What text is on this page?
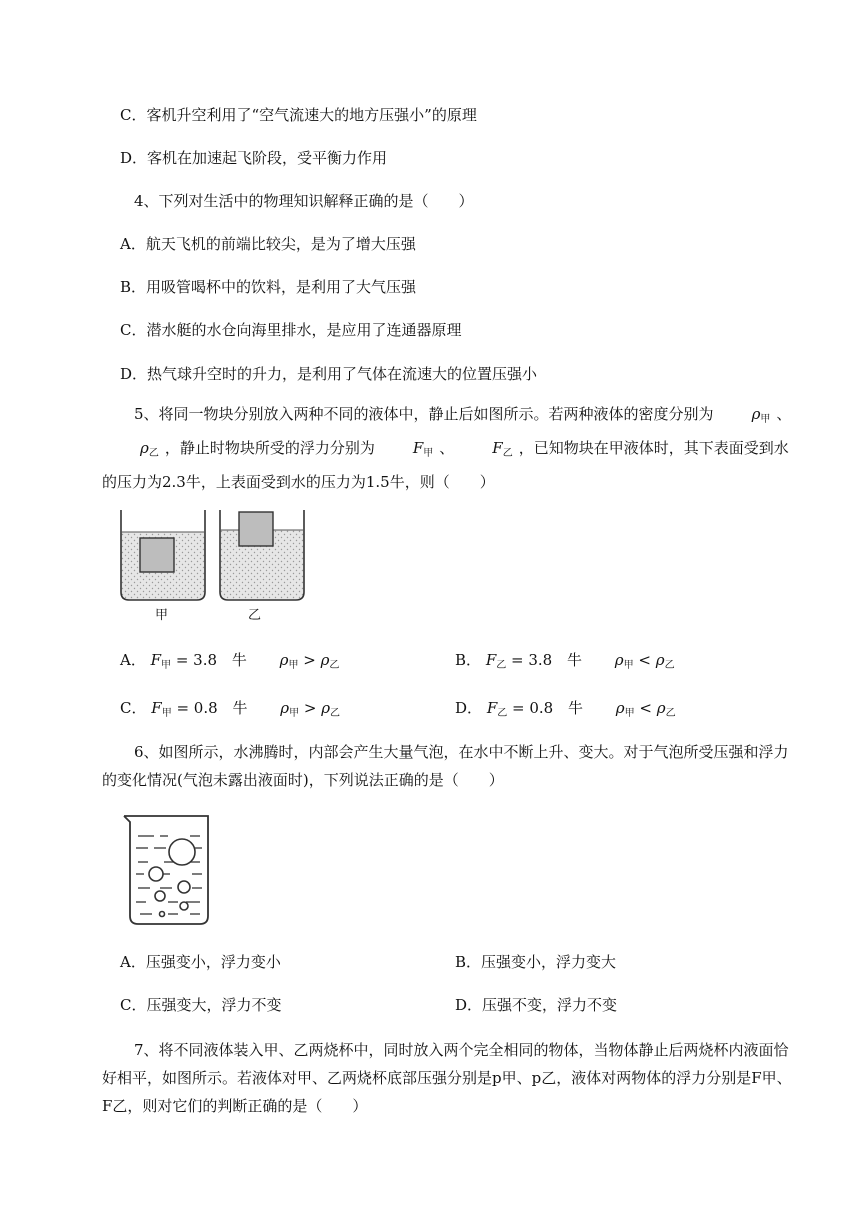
C．客机升空利用了“空气流速大的地方压强小”的原理
D．客机在加速起飞阶段，受平衡力作用
4、下列对生活中的物理知识解释正确的是（　　）
A．航天飞机的前端比较尖，是为了增大压强
B．用吸管喝杯中的饮料，是利用了大气压强
C．潜水艇的水仓向海里排水，是应用了连通器原理
D．热气球升空时的升力，是利用了气体在流速大的位置压强小
5、将同一物块分别放入两种不同的液体中，静止后如图所示。若两种液体的密度分别为	$\rho_甲$ 、$\rho_乙$ ，静止时物块所受的浮力分别为	$F_甲$ 、	$F_乙$ ，已知物块在甲液体时，其下表面受到水的压力为2.3牛，上表面受到水的压力为1.5牛，则（　　）
甲	乙
A． $F_甲 = 3.8$ 牛 $\rho_甲 > \rho_乙$	B． $F_乙 = 3.8$ 牛 $\rho_甲 < \rho_乙$
C． $F_甲 = 0.8$ 牛 $\rho_甲 > \rho_乙$	D． $F_乙 = 0.8$ 牛 $\rho_甲 < \rho_乙$
6、如图所示，水沸腾时，内部会产生大量气泡，在水中不断上升、变大。对于气泡所受压强和浮力的变化情况(气泡未露出液面时)，下列说法正确的是（　　）
A．压强变小，浮力变小	B．压强变小，浮力变大
C．压强变大，浮力不变	D．压强不变，浮力不变
7、将不同液体装入甲、乙两烧杯中，同时放入两个完全相同的物体，当物体静止后两烧杯内液面恰好相平，如图所示。若液体对甲、乙两烧杯底部压强分别是p甲、p乙，液体对两物体的浮力分别是F甲、F乙，则对它们的判断正确的是（　　）
